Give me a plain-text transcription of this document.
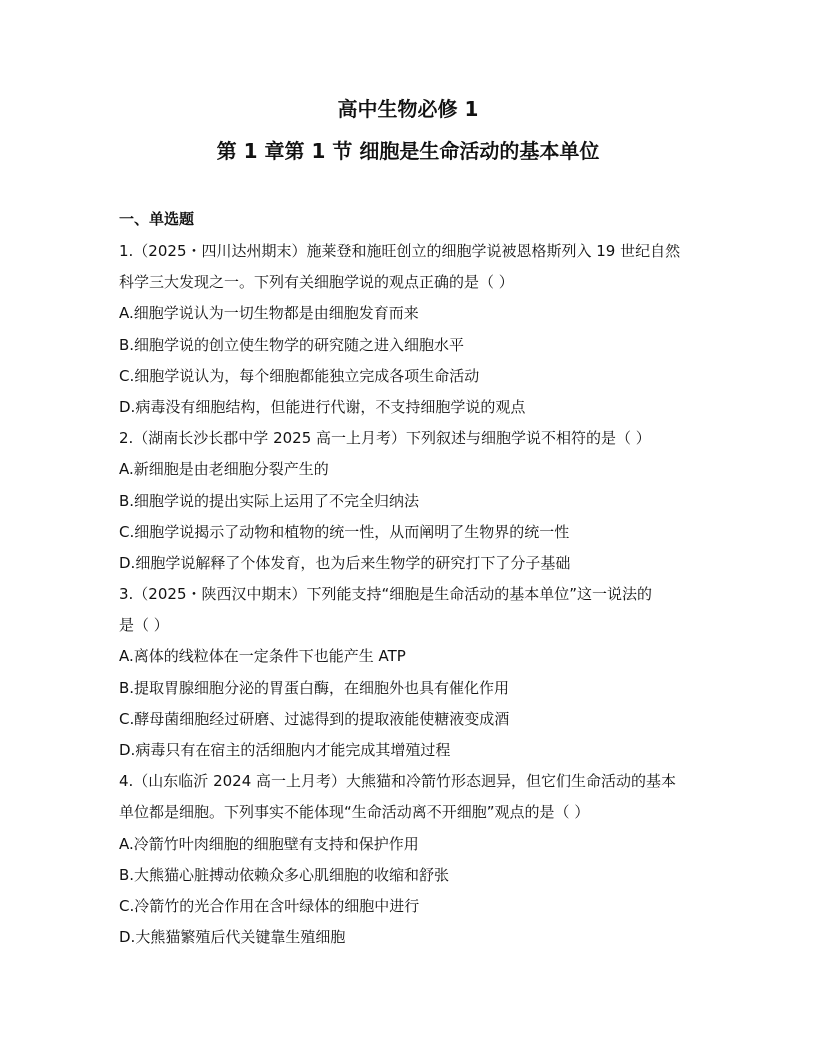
高中生物必修 1
第 1 章第 1 节 细胞是生命活动的基本单位
一、单选题
1.（2025・四川达州期末）施莱登和施旺创立的细胞学说被恩格斯列入 19 世纪自然
科学三大发现之一。下列有关细胞学说的观点正确的是（ ）
A.细胞学说认为一切生物都是由细胞发育而来
B.细胞学说的创立使生物学的研究随之进入细胞水平
C.细胞学说认为，每个细胞都能独立完成各项生命活动
D.病毒没有细胞结构，但能进行代谢，不支持细胞学说的观点
2.（湖南长沙长郡中学 2025 高一上月考）下列叙述与细胞学说不相符的是（ ）
A.新细胞是由老细胞分裂产生的
B.细胞学说的提出实际上运用了不完全归纳法
C.细胞学说揭示了动物和植物的统一性，从而阐明了生物界的统一性
D.细胞学说解释了个体发育，也为后来生物学的研究打下了分子基础
3.（2025・陕西汉中期末）下列能支持“细胞是生命活动的基本单位”这一说法的
是（ ）
A.离体的线粒体在一定条件下也能产生 ATP
B.提取胃腺细胞分泌的胃蛋白酶，在细胞外也具有催化作用
C.酵母菌细胞经过研磨、过滤得到的提取液能使糖液变成酒
D.病毒只有在宿主的活细胞内才能完成其增殖过程
4.（山东临沂 2024 高一上月考）大熊猫和冷箭竹形态迥异，但它们生命活动的基本
单位都是细胞。下列事实不能体现“生命活动离不开细胞”观点的是（ ）
A.冷箭竹叶肉细胞的细胞壁有支持和保护作用
B.大熊猫心脏搏动依赖众多心肌细胞的收缩和舒张
C.冷箭竹的光合作用在含叶绿体的细胞中进行
D.大熊猫繁殖后代关键靠生殖细胞
